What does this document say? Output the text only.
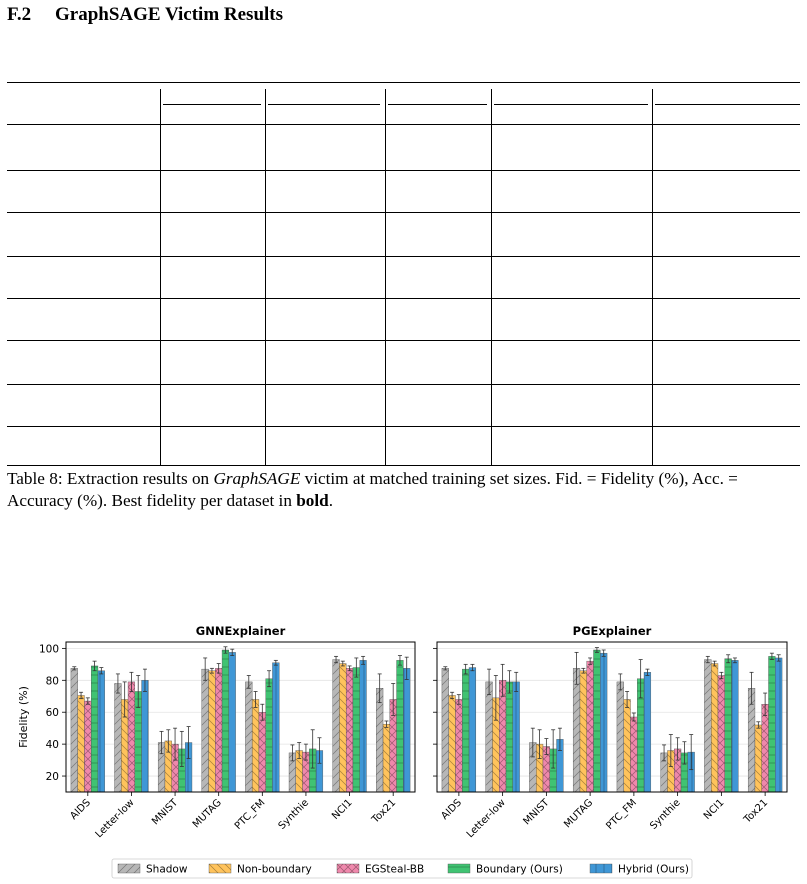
F.2 GraphSAGE Victim Results

Table 8: Extraction results on GraphSAGE victim at matched training set sizes. Fid. = Fidelity (%), Acc. = Accuracy (%). Best fidelity per dataset in bold.

20
40
60
80
100
GNNExplainer
Fidelity (%)
AIDS Letter-low MNIST MUTAG PTC_FM Synthie NCI1 Tox21
PGExplainer
AIDS Letter-low MNIST MUTAG PTC_FM Synthie NCI1 Tox21
Shadow	Non-boundary	EGSteal-BB	Boundary (Ours)	Hybrid (Ours)
